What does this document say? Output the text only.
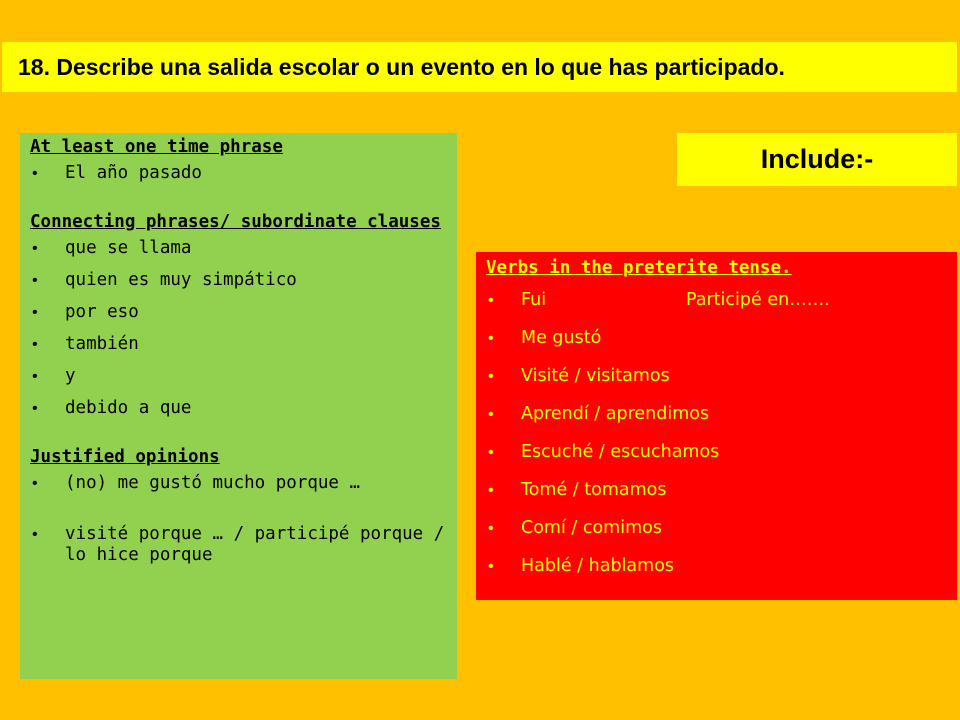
18. Describe una salida escolar o un evento en lo que has participado.

At least one time phrase

• El año pasado

Connecting phrases/ subordinate clauses

• que se llama
• quien es muy simpático
• por eso
• también
• y
• debido a que

Justified opinions

• (no) me gustó mucho porque …
• visité porque … / participé porque / lo hice porque
Include:-

Verbs in the preterite tense.

• Fui	Participé en…….
• Me gustó
• Visité / visitamos
• Aprendí / aprendimos
• Escuché / escuchamos
• Tomé / tomamos
• Comí / comimos
• Hablé / hablamos
